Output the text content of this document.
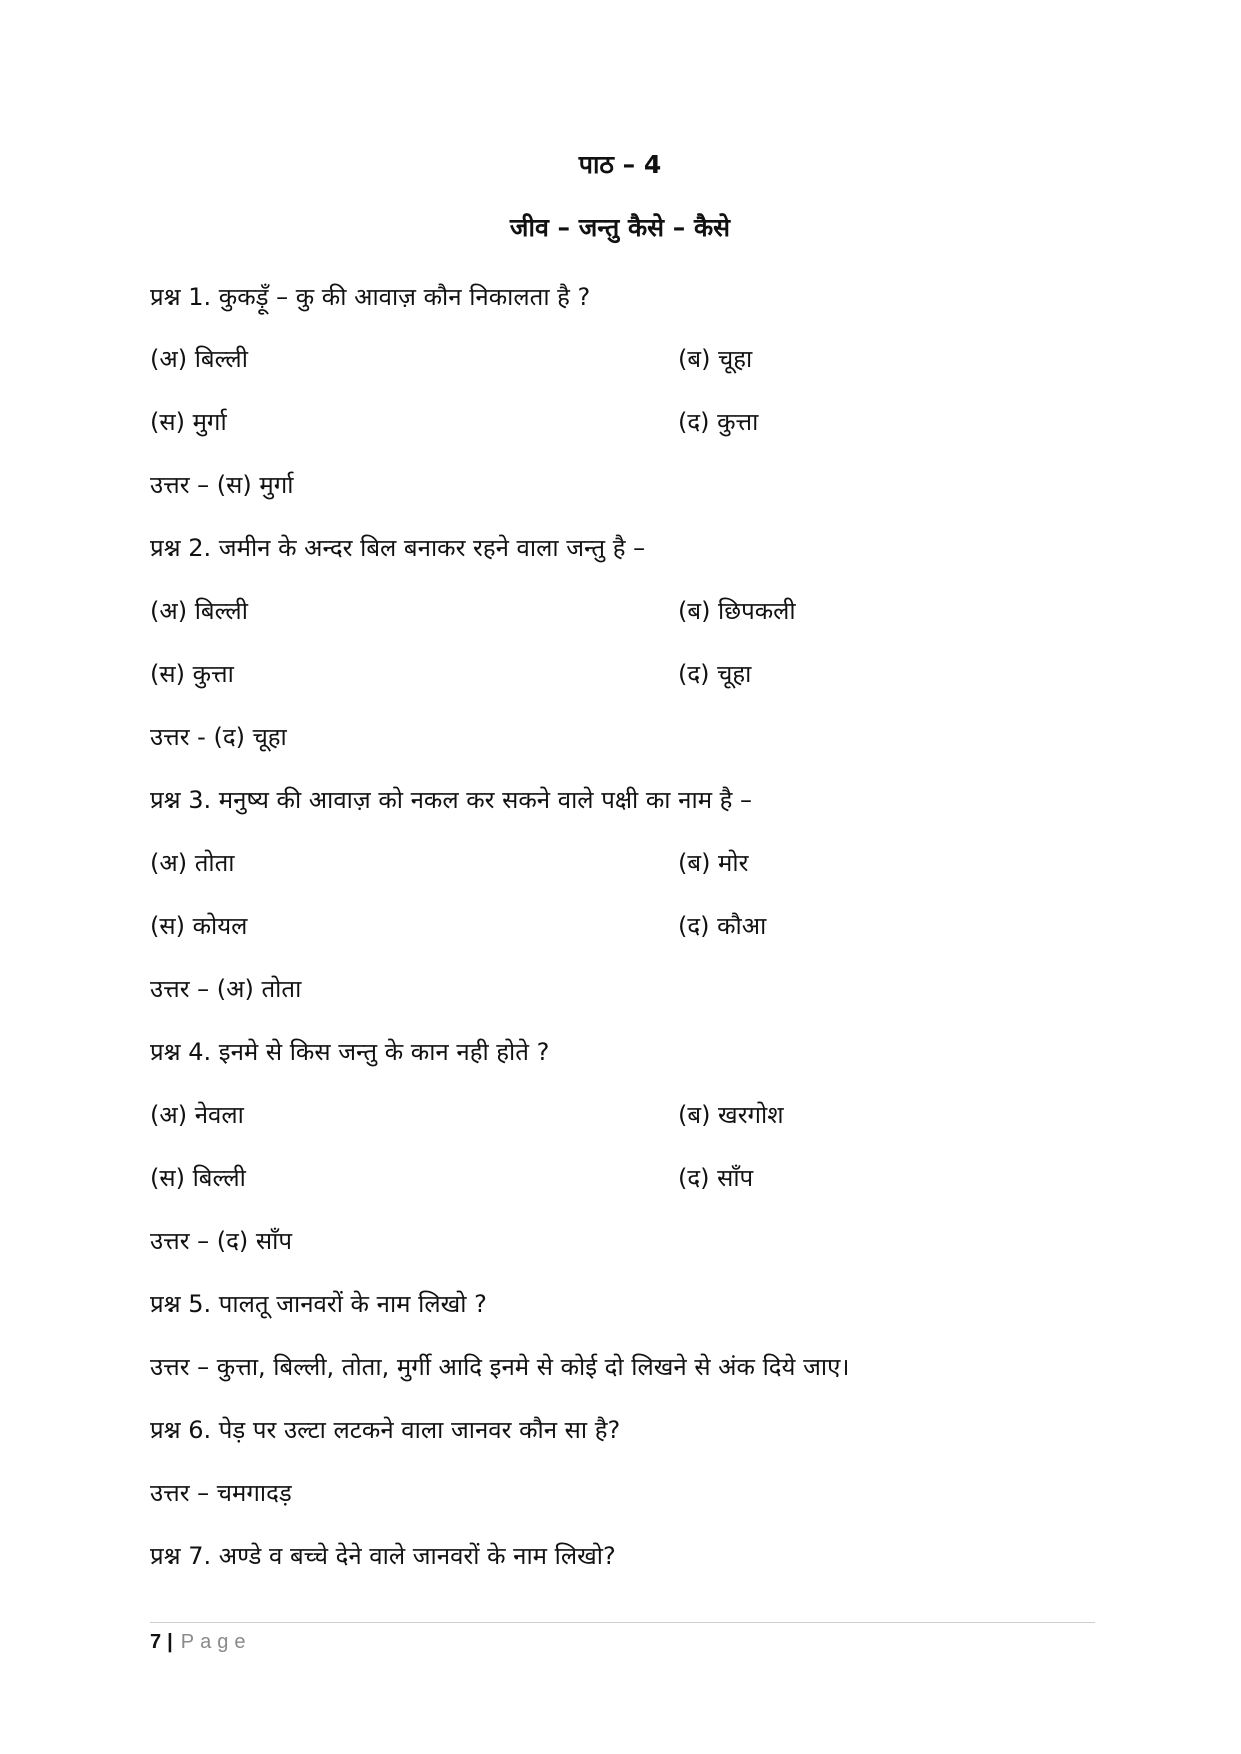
पाठ – 4
जीव – जन्तु कैसे – कैसे
प्रश्न 1. कुकड़ूँ – कु की आवाज़ कौन निकालता है ?
(अ) बिल्ली	(ब) चूहा
(स) मुर्गा	(द) कुत्ता
उत्तर – (स) मुर्गा
प्रश्न 2. जमीन के अन्दर बिल बनाकर रहने वाला जन्तु है –
(अ) बिल्ली	(ब) छिपकली
(स) कुत्ता	(द) चूहा
उत्तर - (द) चूहा
प्रश्न 3. मनुष्य की आवाज़ को नकल कर सकने वाले पक्षी का नाम है –
(अ) तोता	(ब) मोर
(स) कोयल	(द) कौआ
उत्तर – (अ) तोता
प्रश्न 4. इनमे से किस जन्तु के कान नही होते ?
(अ) नेवला	(ब) खरगोश
(स) बिल्ली	(द) साँप
उत्तर – (द) साँप
प्रश्न 5. पालतू जानवरों के नाम लिखो ?
उत्तर – कुत्ता, बिल्ली, तोता, मुर्गी आदि इनमे से कोई दो लिखने से अंक दिये जाए।
प्रश्न 6. पेड़ पर उल्टा लटकने वाला जानवर कौन सा है?
उत्तर – चमगादड़
प्रश्न 7. अण्डे व बच्चे देने वाले जानवरों के नाम लिखो?
7 | Page
